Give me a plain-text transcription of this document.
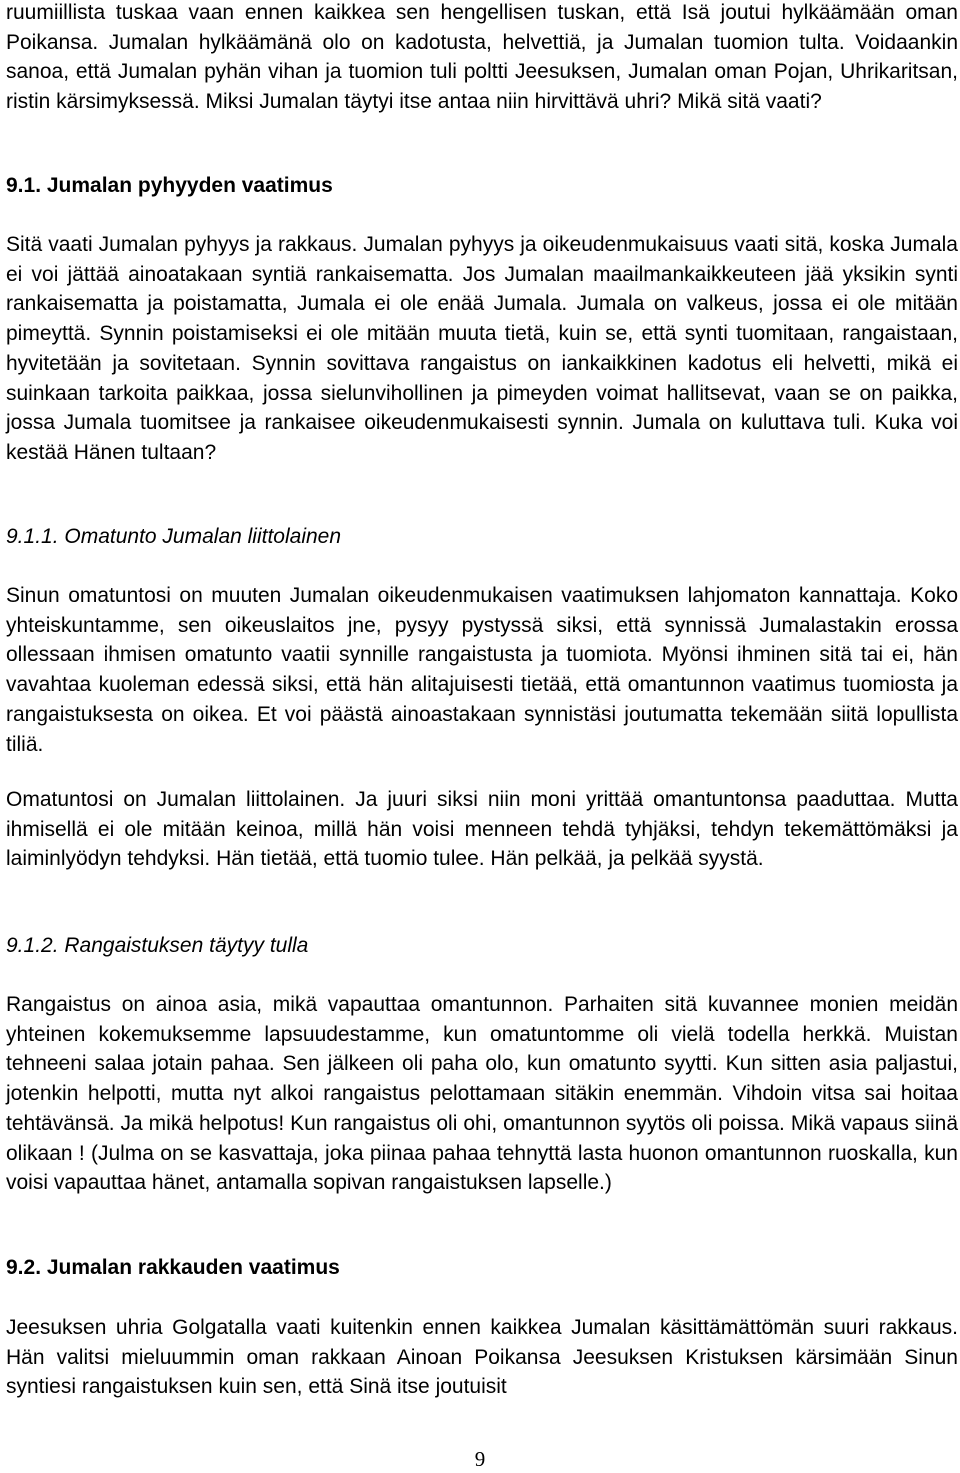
ruumiillista tuskaa vaan ennen kaikkea sen hengellisen tuskan, että Isä joutui hylkäämään oman Poikansa. Jumalan hylkäämänä olo on kadotusta, helvettiä, ja Jumalan tuomion tulta. Voidaankin sanoa, että Jumalan pyhän vihan ja tuomion tuli poltti Jeesuksen, Jumalan oman Pojan, Uhrikaritsan, ristin kärsimyksessä. Miksi Jumalan täytyi itse antaa niin hirvittävä uhri? Mikä sitä vaati?

9.1. Jumalan pyhyyden vaatimus

Sitä vaati Jumalan pyhyys ja rakkaus. Jumalan pyhyys ja oikeudenmukaisuus vaati sitä, koska Jumala ei voi jättää ainoatakaan syntiä rankaisematta. Jos Jumalan maailmankaikkeuteen jää yksikin synti rankaisematta ja poistamatta, Jumala ei ole enää Jumala. Jumala on valkeus, jossa ei ole mitään pimeyttä. Synnin poistamiseksi ei ole mitään muuta tietä, kuin se, että synti tuomitaan, rangaistaan, hyvitetään ja sovitetaan. Synnin sovittava rangaistus on iankaikkinen kadotus eli helvetti, mikä ei suinkaan tarkoita paikkaa, jossa sielunvihollinen ja pimeyden voimat hallitsevat, vaan se on paikka, jossa Jumala tuomitsee ja rankaisee oikeudenmukaisesti synnin. Jumala on kuluttava tuli. Kuka voi kestää Hänen tultaan?

9.1.1. Omatunto Jumalan liittolainen

Sinun omatuntosi on muuten Jumalan oikeudenmukaisen vaatimuksen lahjomaton kannattaja. Koko yhteiskuntamme, sen oikeuslaitos jne, pysyy pystyssä siksi, että synnissä Jumalastakin erossa ollessaan ihmisen omatunto vaatii synnille rangaistusta ja tuomiota. Myönsi ihminen sitä tai ei, hän vavahtaa kuoleman edessä siksi, että hän alitajuisesti tietää, että omantunnon vaatimus tuomiosta ja rangaistuksesta on oikea. Et voi päästä ainoastakaan synnistäsi joutumatta tekemään siitä lopullista tiliä.

Omatuntosi on Jumalan liittolainen. Ja juuri siksi niin moni yrittää omantuntonsa paaduttaa. Mutta ihmisellä ei ole mitään keinoa, millä hän voisi menneen tehdä tyhjäksi, tehdyn tekemättömäksi ja laiminlyödyn tehdyksi. Hän tietää, että tuomio tulee. Hän pelkää, ja pelkää syystä.

9.1.2. Rangaistuksen täytyy tulla

Rangaistus on ainoa asia, mikä vapauttaa omantunnon. Parhaiten sitä kuvannee monien meidän yhteinen kokemuksemme lapsuudestamme, kun omatuntomme oli vielä todella herkkä. Muistan tehneeni salaa jotain pahaa. Sen jälkeen oli paha olo, kun omatunto syytti. Kun sitten asia paljastui, jotenkin helpotti, mutta nyt alkoi rangaistus pelottamaan sitäkin enemmän. Vihdoin vitsa sai hoitaa tehtävänsä. Ja mikä helpotus! Kun rangaistus oli ohi, omantunnon syytös oli poissa. Mikä vapaus siinä olikaan ! (Julma on se kasvattaja, joka piinaa pahaa tehnyttä lasta huonon omantunnon ruoskalla, kun voisi vapauttaa hänet, antamalla sopivan rangaistuksen lapselle.)

9.2. Jumalan rakkauden vaatimus

Jeesuksen uhria Golgatalla vaati kuitenkin ennen kaikkea Jumalan käsittämättömän suuri rakkaus. Hän valitsi mieluummin oman rakkaan Ainoan Poikansa Jeesuksen Kristuksen kärsimään Sinun syntiesi rangaistuksen kuin sen, että Sinä itse joutuisit

9
